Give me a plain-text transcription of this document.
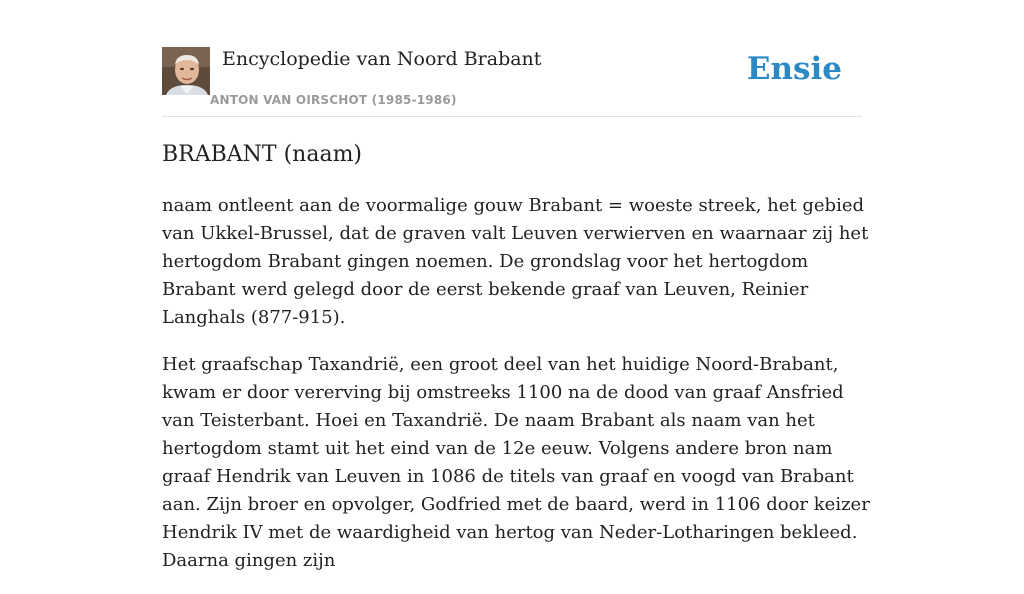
Encyclopedie van Noord Brabant
ANTON VAN OIRSCHOT (1985-1986)
Ensie
BRABANT (naam)

naam ontleent aan de voormalige gouw Brabant = woeste streek, het gebied van Ukkel-Brussel, dat de graven valt Leuven verwierven en waarnaar zij het hertogdom Brabant gingen noemen. De grondslag voor het hertogdom Brabant werd gelegd door de eerst bekende graaf van Leuven, Reinier Langhals (877-915).

Het graafschap Taxandrië, een groot deel van het huidige Noord-Brabant, kwam er door vererving bij omstreeks 1100 na de dood van graaf Ansfried van Teisterbant. Hoei en Taxandrië. De naam Brabant als naam van het hertogdom stamt uit het eind van de 12e eeuw. Volgens andere bron nam graaf Hendrik van Leuven in 1086 de titels van graaf en voogd van Brabant aan. Zijn broer en opvolger, Godfried met de baard, werd in 1106 door keizer Hendrik IV met de waardigheid van hertog van Neder-Lotharingen bekleed. Daarna gingen zijn
